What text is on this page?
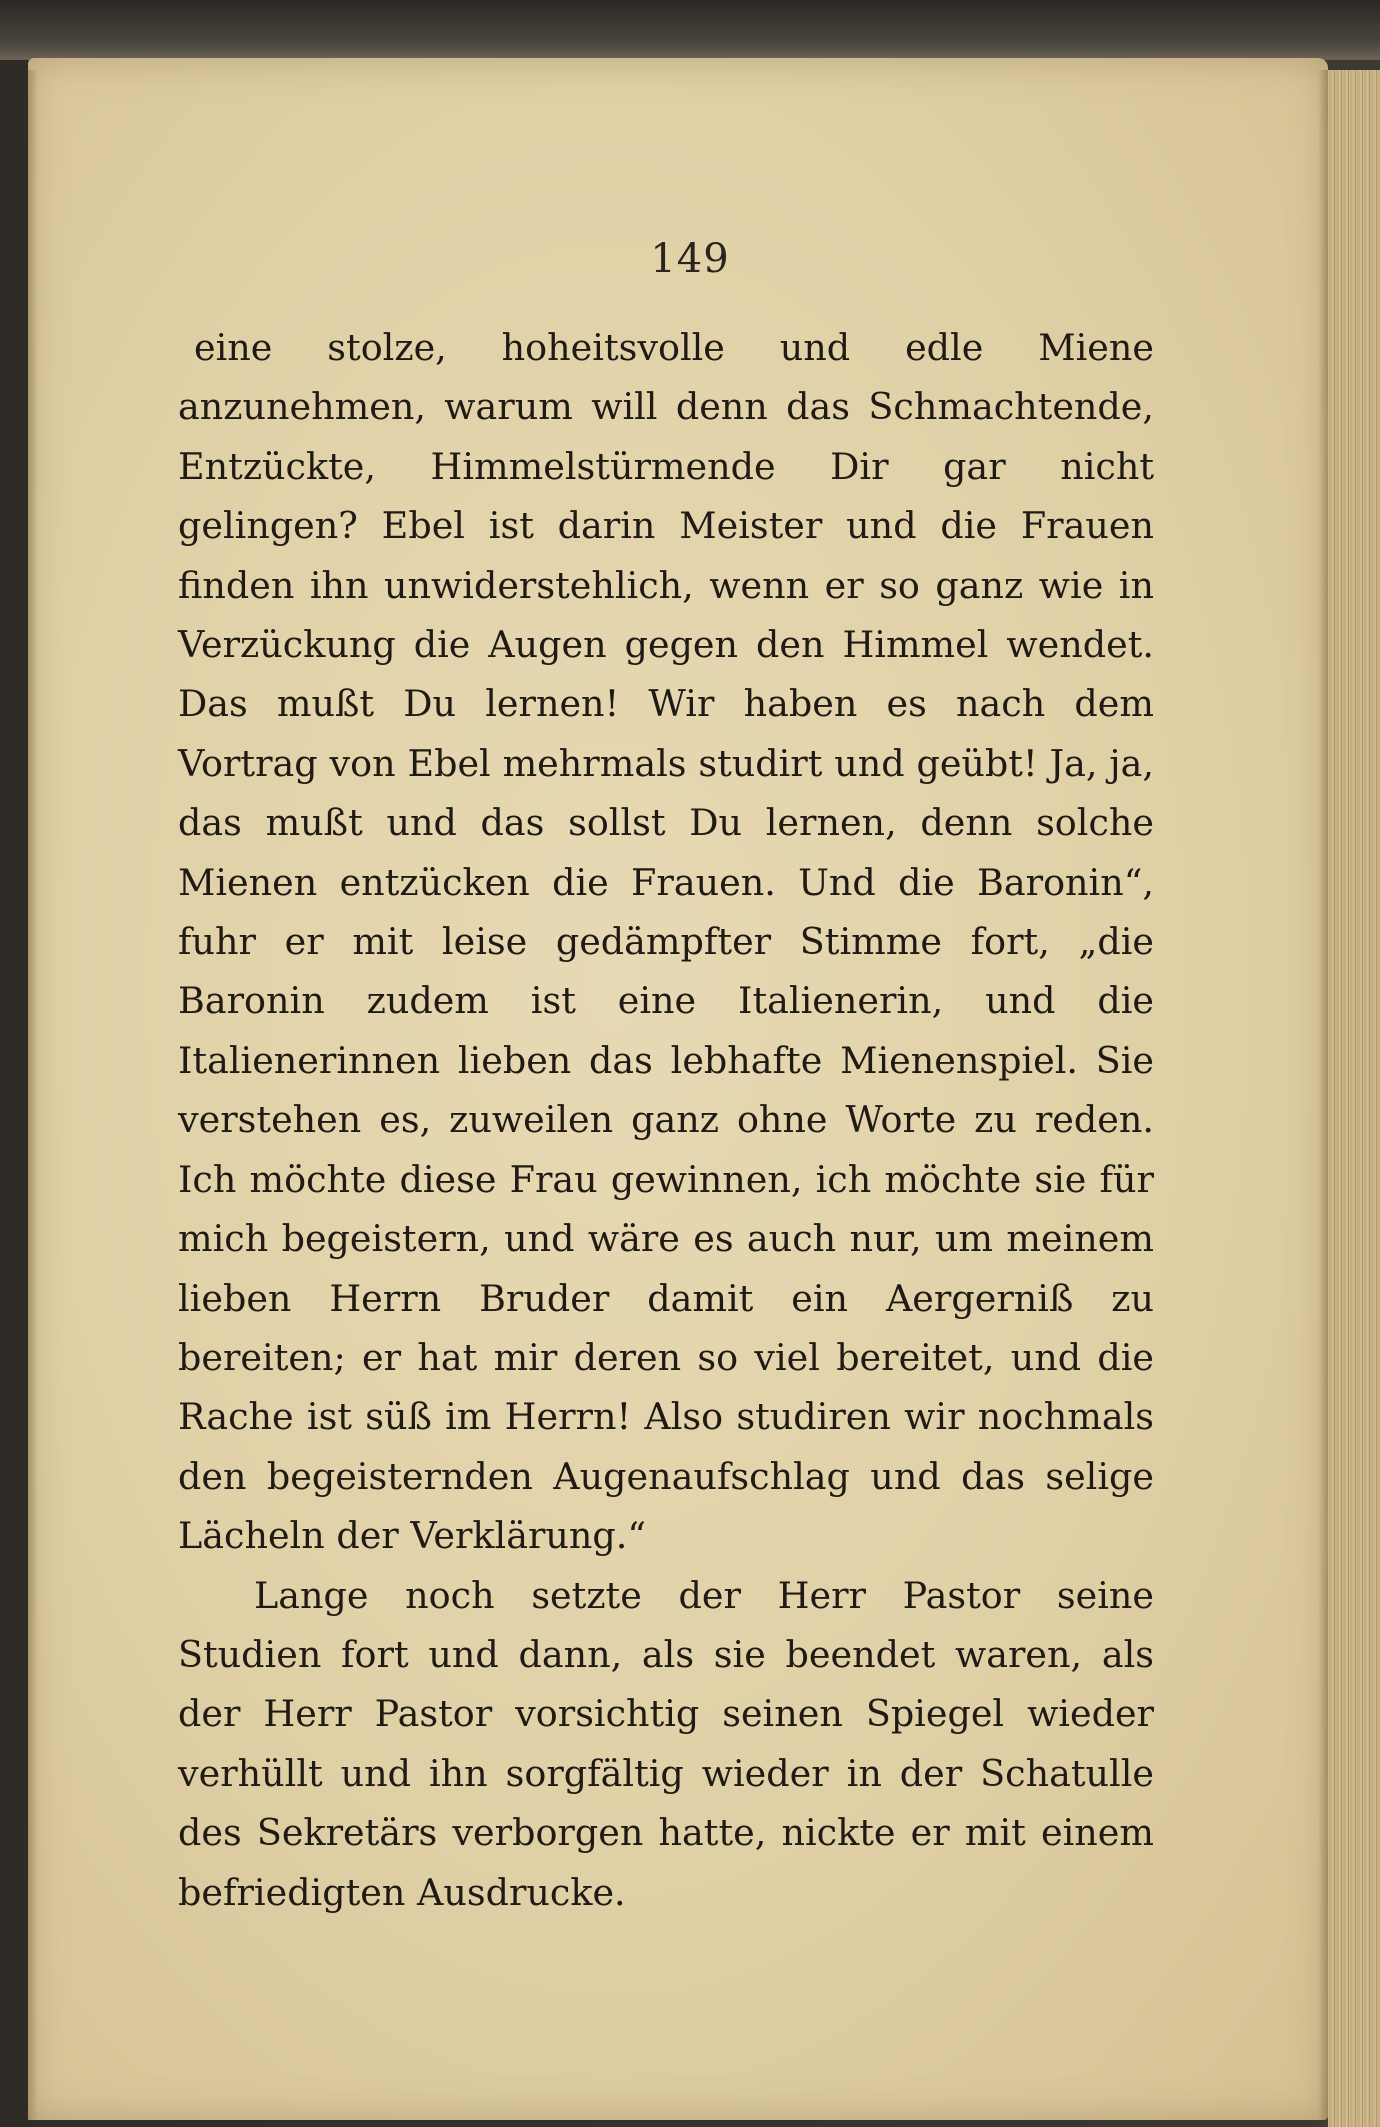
149

eine stolze, hoheitsvolle und edle Miene anzunehmen, warum will denn das Schmachtende, Entzückte, Himmelstürmende Dir gar nicht gelingen? Ebel ist darin Meister und die Frauen finden ihn unwiderstehlich, wenn er so ganz wie in Verzückung die Augen gegen den Himmel wendet. Das mußt Du lernen! Wir haben es nach dem Vortrag von Ebel mehrmals studirt und geübt! Ja, ja, das mußt und das sollst Du lernen, denn solche Mienen entzücken die Frauen. Und die Baronin“, fuhr er mit leise gedämpfter Stimme fort, „die Baronin zudem ist eine Italienerin, und die Italienerinnen lieben das lebhafte Mienenspiel. Sie verstehen es, zuweilen ganz ohne Worte zu reden. Ich möchte diese Frau gewinnen, ich möchte sie für mich begeistern, und wäre es auch nur, um meinem lieben Herrn Bruder damit ein Aergerniß zu bereiten; er hat mir deren so viel bereitet, und die Rache ist süß im Herrn! Also studiren wir nochmals den begeisternden Augenaufschlag und das selige Lächeln der Verklärung.“

Lange noch setzte der Herr Pastor seine Studien fort und dann, als sie beendet waren, als der Herr Pastor vorsichtig seinen Spiegel wieder verhüllt und ihn sorgfältig wieder in der Schatulle des Sekretärs verborgen hatte, nickte er mit einem befriedigten Ausdrucke.
